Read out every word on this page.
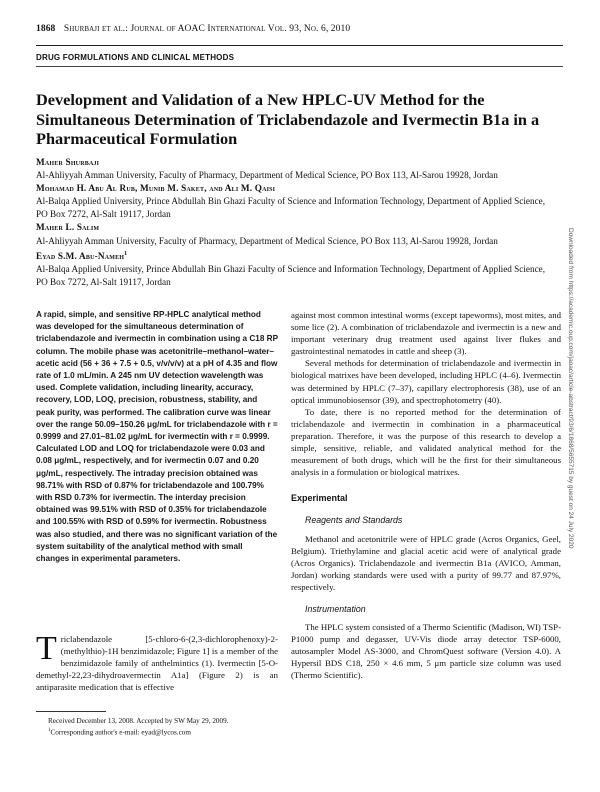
1868 Shurbaji et al.: Journal of AOAC International Vol. 93, No. 6, 2010
DRUG FORMULATIONS AND CLINICAL METHODS
Development and Validation of a New HPLC-UV Method for the Simultaneous Determination of Triclabendazole and Ivermectin B1a in a Pharmaceutical Formulation
Maher Shurbaji
Al-Ahliyyah Amman University, Faculty of Pharmacy, Department of Medical Science, PO Box 113, Al-Sarou 19928, Jordan
Mohamad H. Abu Al Rub, Munib M. Saket, and Ali M. Qaisi
Al-Balqa Applied University, Prince Abdullah Bin Ghazi Faculty of Science and Information Technology, Department of Applied Science, PO Box 7272, Al-Salt 19117, Jordan
Maher L. Salim
Al-Ahliyyah Amman University, Faculty of Pharmacy, Department of Medical Science, PO Box 113, Al-Sarou 19928, Jordan
Eyad S.M. Abu-Nameh$^1$
Al-Balqa Applied University, Prince Abdullah Bin Ghazi Faculty of Science and Information Technology, Department of Applied Science, PO Box 7272, Al-Salt 19117, Jordan	Downloaded from https://academic.oup.com/jaoac/article-abstract/93/6/1868/5655715 by guest on 24 July 2020
A rapid, simple, and sensitive RP-HPLC analytical method was developed for the simultaneous determination of triclabendazole and ivermectin in combination using a C18 RP column. The mobile phase was acetonitrile–methanol–water–acetic acid (56 + 36 + 7.5 + 0.5, v/v/v/v) at a pH of 4.35 and flow rate of 1.0 mL/min. A 245 nm UV detection wavelength was used. Complete validation, including linearity, accuracy, recovery, LOD, LOQ, precision, robustness, stability, and peak purity, was performed. The calibration curve was linear over the range 50.09–150.26 μg/mL for triclabendazole with r = 0.9999 and 27.01–81.02 μg/mL for ivermectin with r = 0.9999. Calculated LOD and LOQ for triclabendazole were 0.03 and 0.08 μg/mL, respectively, and for ivermectin 0.07 and 0.20 μg/mL, respectively. The intraday precision obtained was 98.71% with RSD of 0.87% for triclabendazole and 100.79% with RSD 0.73% for ivermectin. The interday precision obtained was 99.51% with RSD of 0.35% for triclabendazole and 100.55% with RSD of 0.59% for ivermectin. Robustness was also studied, and there was no significant variation of the system suitability of the analytical method with small changes in experimental parameters.
Triclabendazole [5-chloro-6-(2,3-dichlorophenoxy)-2-(methylthio)-1H benzimidazole; Figure 1] is a member of the benzimidazole family of anthelmintics (1). Ivermectin [5-O-demethyl-22,23-dihydroavermectin A1a] (Figure 2) is an antiparasite medication that is effective
Received December 13, 2008. Accepted by SW May 29, 2009.
$^1$Corresponding author's e-mail: eyad@lycos.com

against most common intestinal worms (except tapeworms), most mites, and some lice (2). A combination of triclabendazole and ivermectin is a new and important veterinary drug treatment used against liver flukes and gastrointestinal nematodes in cattle and sheep (3).

Several methods for determination of triclabendazole and ivermectin in biological matrixes have been developed, including HPLC (4–6). Ivermectin was determined by HPLC (7–37), capillary electrophoresis (38), use of an optical immunobiosensor (39), and spectrophotometry (40).

To date, there is no reported method for the determination of triclabendazole and ivermectin in combination in a pharmaceutical preparation. Therefore, it was the purpose of this research to develop a simple, sensitive, reliable, and validated analytical method for the measurement of both drugs, which will be the first for their simultaneous analysis in a formulation or biological matrixes.

Experimental
Reagents and Standards

Methanol and acetonitrile were of HPLC grade (Acros Organics, Geel, Belgium). Triethylamine and glacial acetic acid were of analytical grade (Acros Organics). Triclabendazole and ivermectin B1a (AVICO, Amman, Jordan) working standards were used with a purity of 99.77 and 87.97%, respectively.

Instrumentation

The HPLC system consisted of a Thermo Scientific (Madison, WI) TSP-P1000 pump and degasser, UV-Vis diode array detector TSP-6000, autosampler Model AS-3000, and ChromQuest software (Version 4.0). A Hypersil BDS C18, 250 × 4.6 mm, 5 μm particle size column was used (Thermo Scientific).
